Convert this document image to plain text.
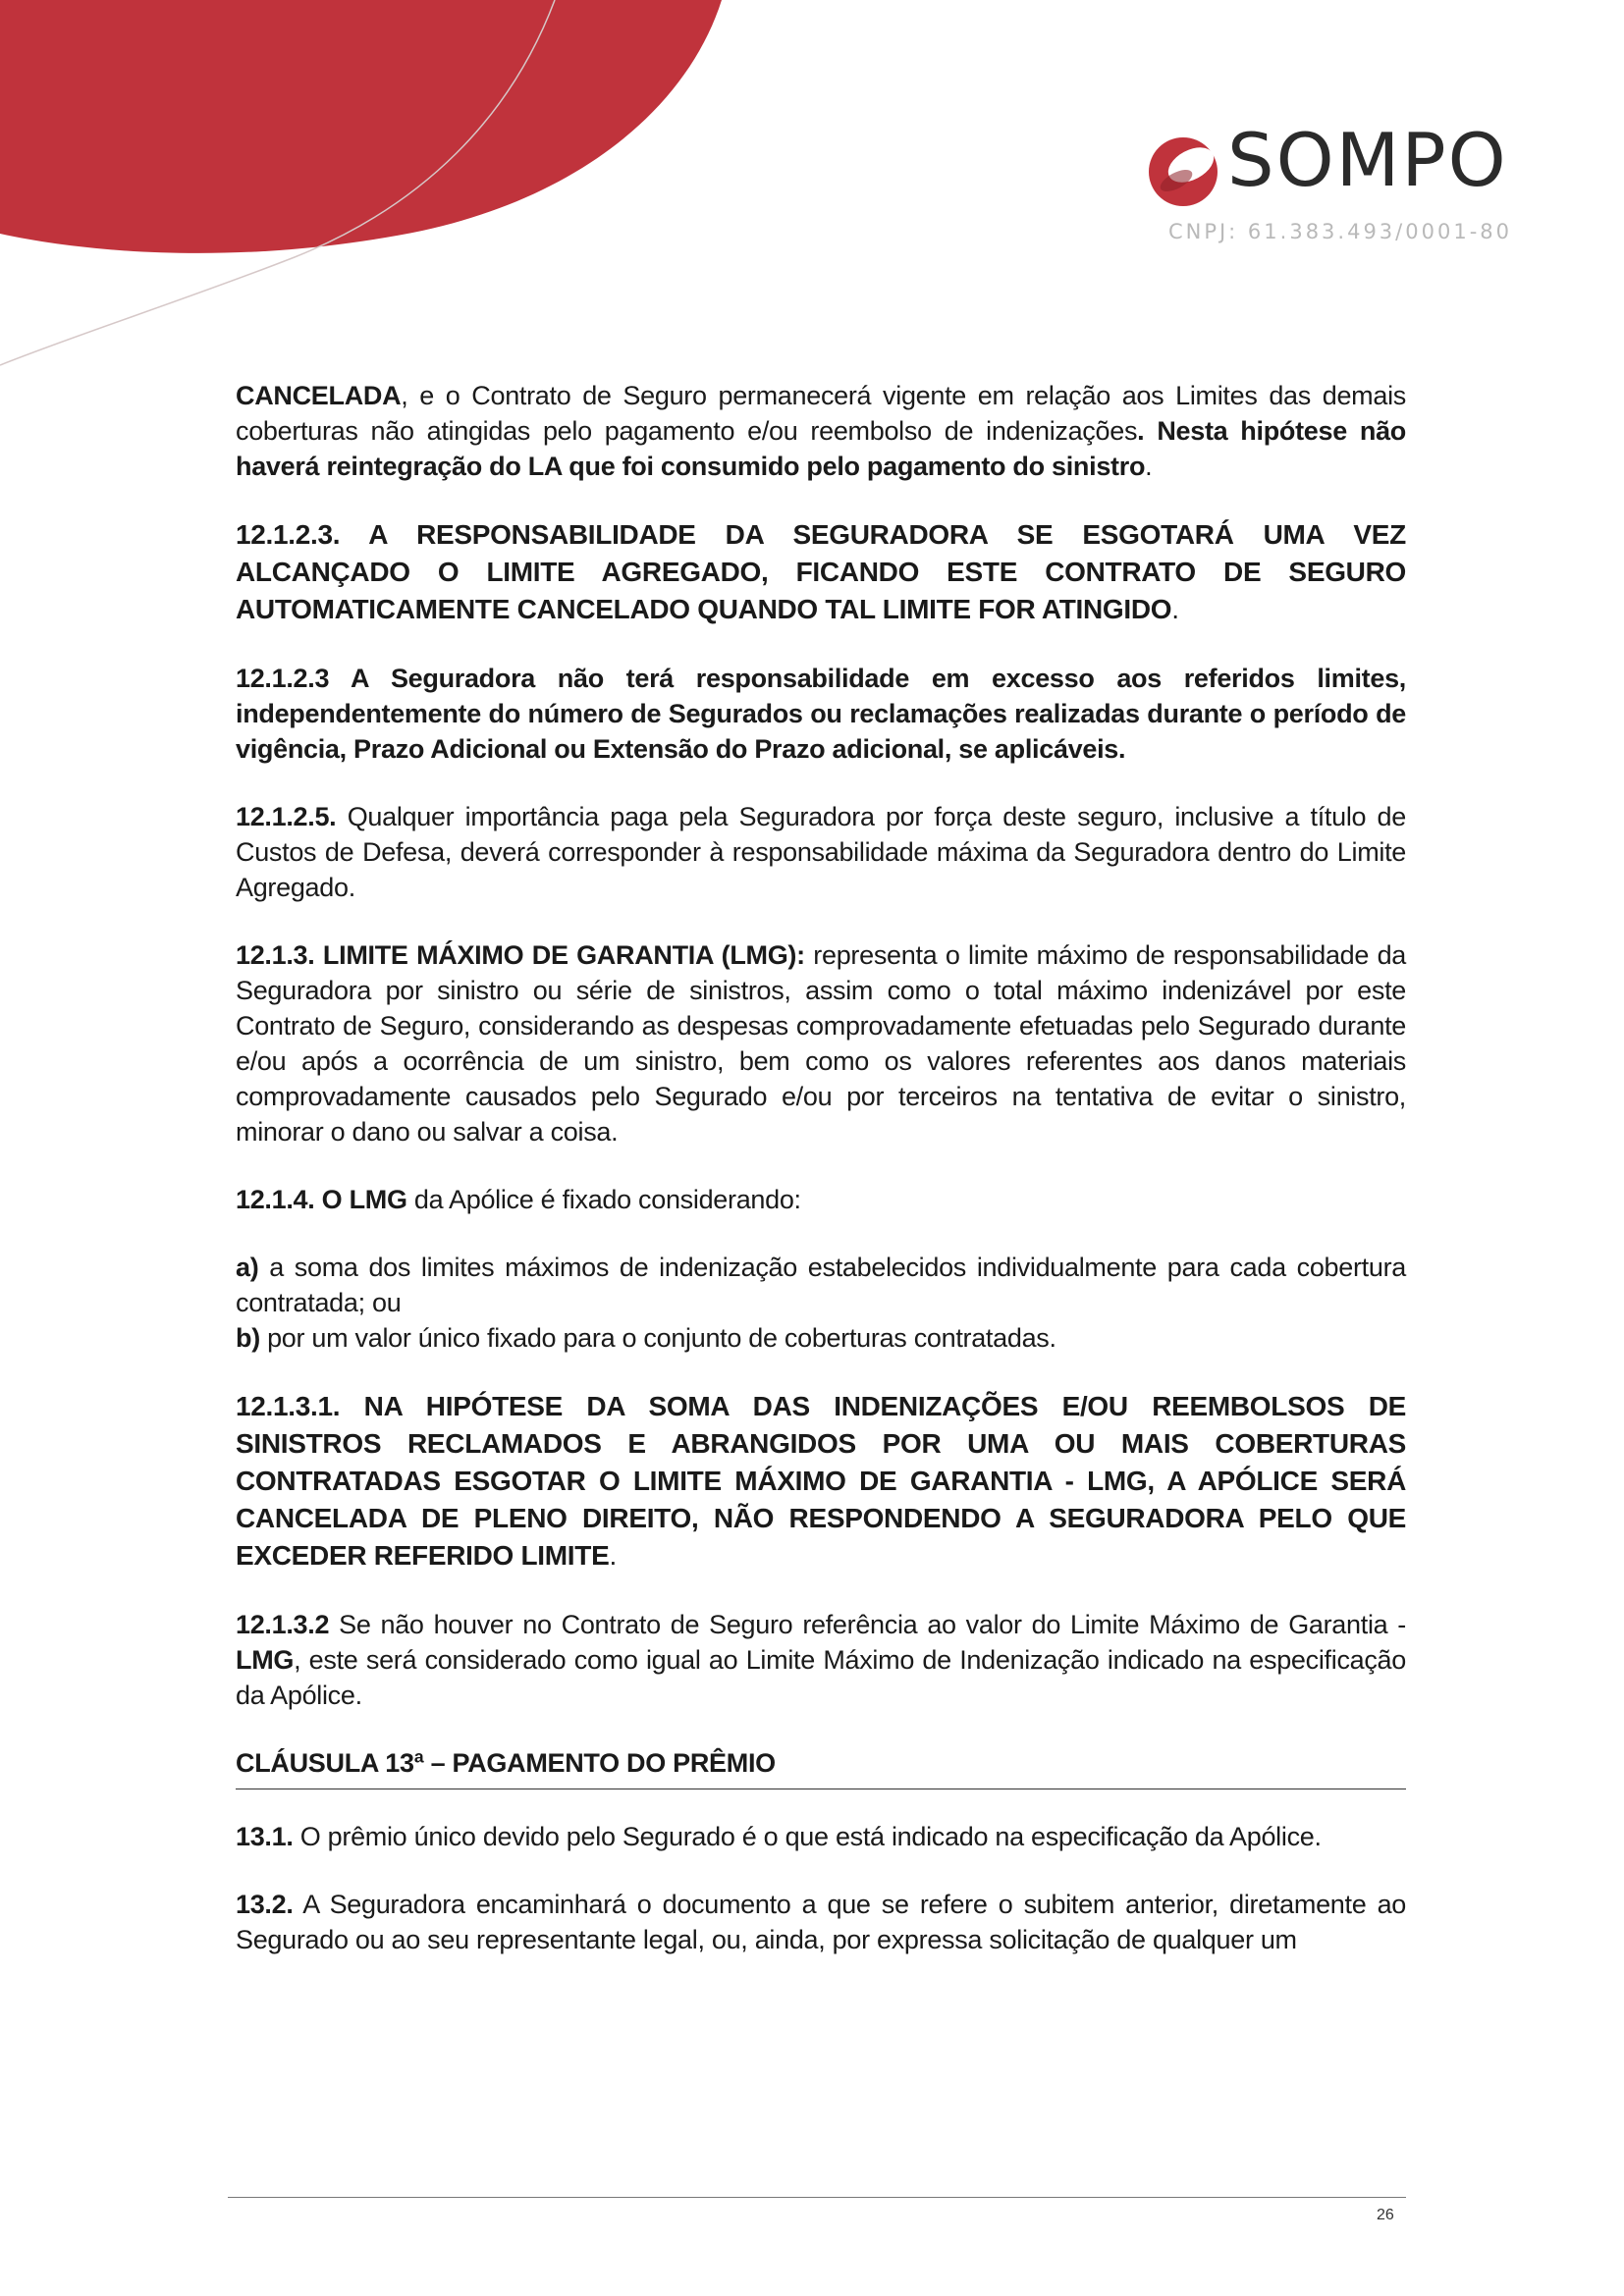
SOMPO
CNPJ: 61.383.493/0001-80

CANCELADA, e o Contrato de Seguro permanecerá vigente em relação aos Limites das demais coberturas não atingidas pelo pagamento e/ou reembolso de indenizações. Nesta hipótese não haverá reintegração do LA que foi consumido pelo pagamento do sinistro.

12.1.2.3. A RESPONSABILIDADE DA SEGURADORA SE ESGOTARÁ UMA VEZ ALCANÇADO O LIMITE AGREGADO, FICANDO ESTE CONTRATO DE SEGURO AUTOMATICAMENTE CANCELADO QUANDO TAL LIMITE FOR ATINGIDO.

12.1.2.3 A Seguradora não terá responsabilidade em excesso aos referidos limites, independentemente do número de Segurados ou reclamações realizadas durante o período de vigência, Prazo Adicional ou Extensão do Prazo adicional, se aplicáveis.

12.1.2.5. Qualquer importância paga pela Seguradora por força deste seguro, inclusive a título de Custos de Defesa, deverá corresponder à responsabilidade máxima da Seguradora dentro do Limite Agregado.

12.1.3. LIMITE MÁXIMO DE GARANTIA (LMG): representa o limite máximo de responsabilidade da Seguradora por sinistro ou série de sinistros, assim como o total máximo indenizável por este Contrato de Seguro, considerando as despesas comprovadamente efetuadas pelo Segurado durante e/ou após a ocorrência de um sinistro, bem como os valores referentes aos danos materiais comprovadamente causados pelo Segurado e/ou por terceiros na tentativa de evitar o sinistro, minorar o dano ou salvar a coisa.

12.1.4. O LMG da Apólice é fixado considerando:

a) a soma dos limites máximos de indenização estabelecidos individualmente para cada cobertura contratada; ou

b) por um valor único fixado para o conjunto de coberturas contratadas.

12.1.3.1. NA HIPÓTESE DA SOMA DAS INDENIZAÇÕES E/OU REEMBOLSOS DE SINISTROS RECLAMADOS E ABRANGIDOS POR UMA OU MAIS COBERTURAS CONTRATADAS ESGOTAR O LIMITE MÁXIMO DE GARANTIA - LMG, A APÓLICE SERÁ CANCELADA DE PLENO DIREITO, NÃO RESPONDENDO A SEGURADORA PELO QUE EXCEDER REFERIDO LIMITE.

12.1.3.2 Se não houver no Contrato de Seguro referência ao valor do Limite Máximo de Garantia - LMG, este será considerado como igual ao Limite Máximo de Indenização indicado na especificação da Apólice.

CLÁUSULA 13ª – PAGAMENTO DO PRÊMIO

13.1. O prêmio único devido pelo Segurado é o que está indicado na especificação da Apólice.

13.2. A Seguradora encaminhará o documento a que se refere o subitem anterior, diretamente ao Segurado ou ao seu representante legal, ou, ainda, por expressa solicitação de qualquer um

26
